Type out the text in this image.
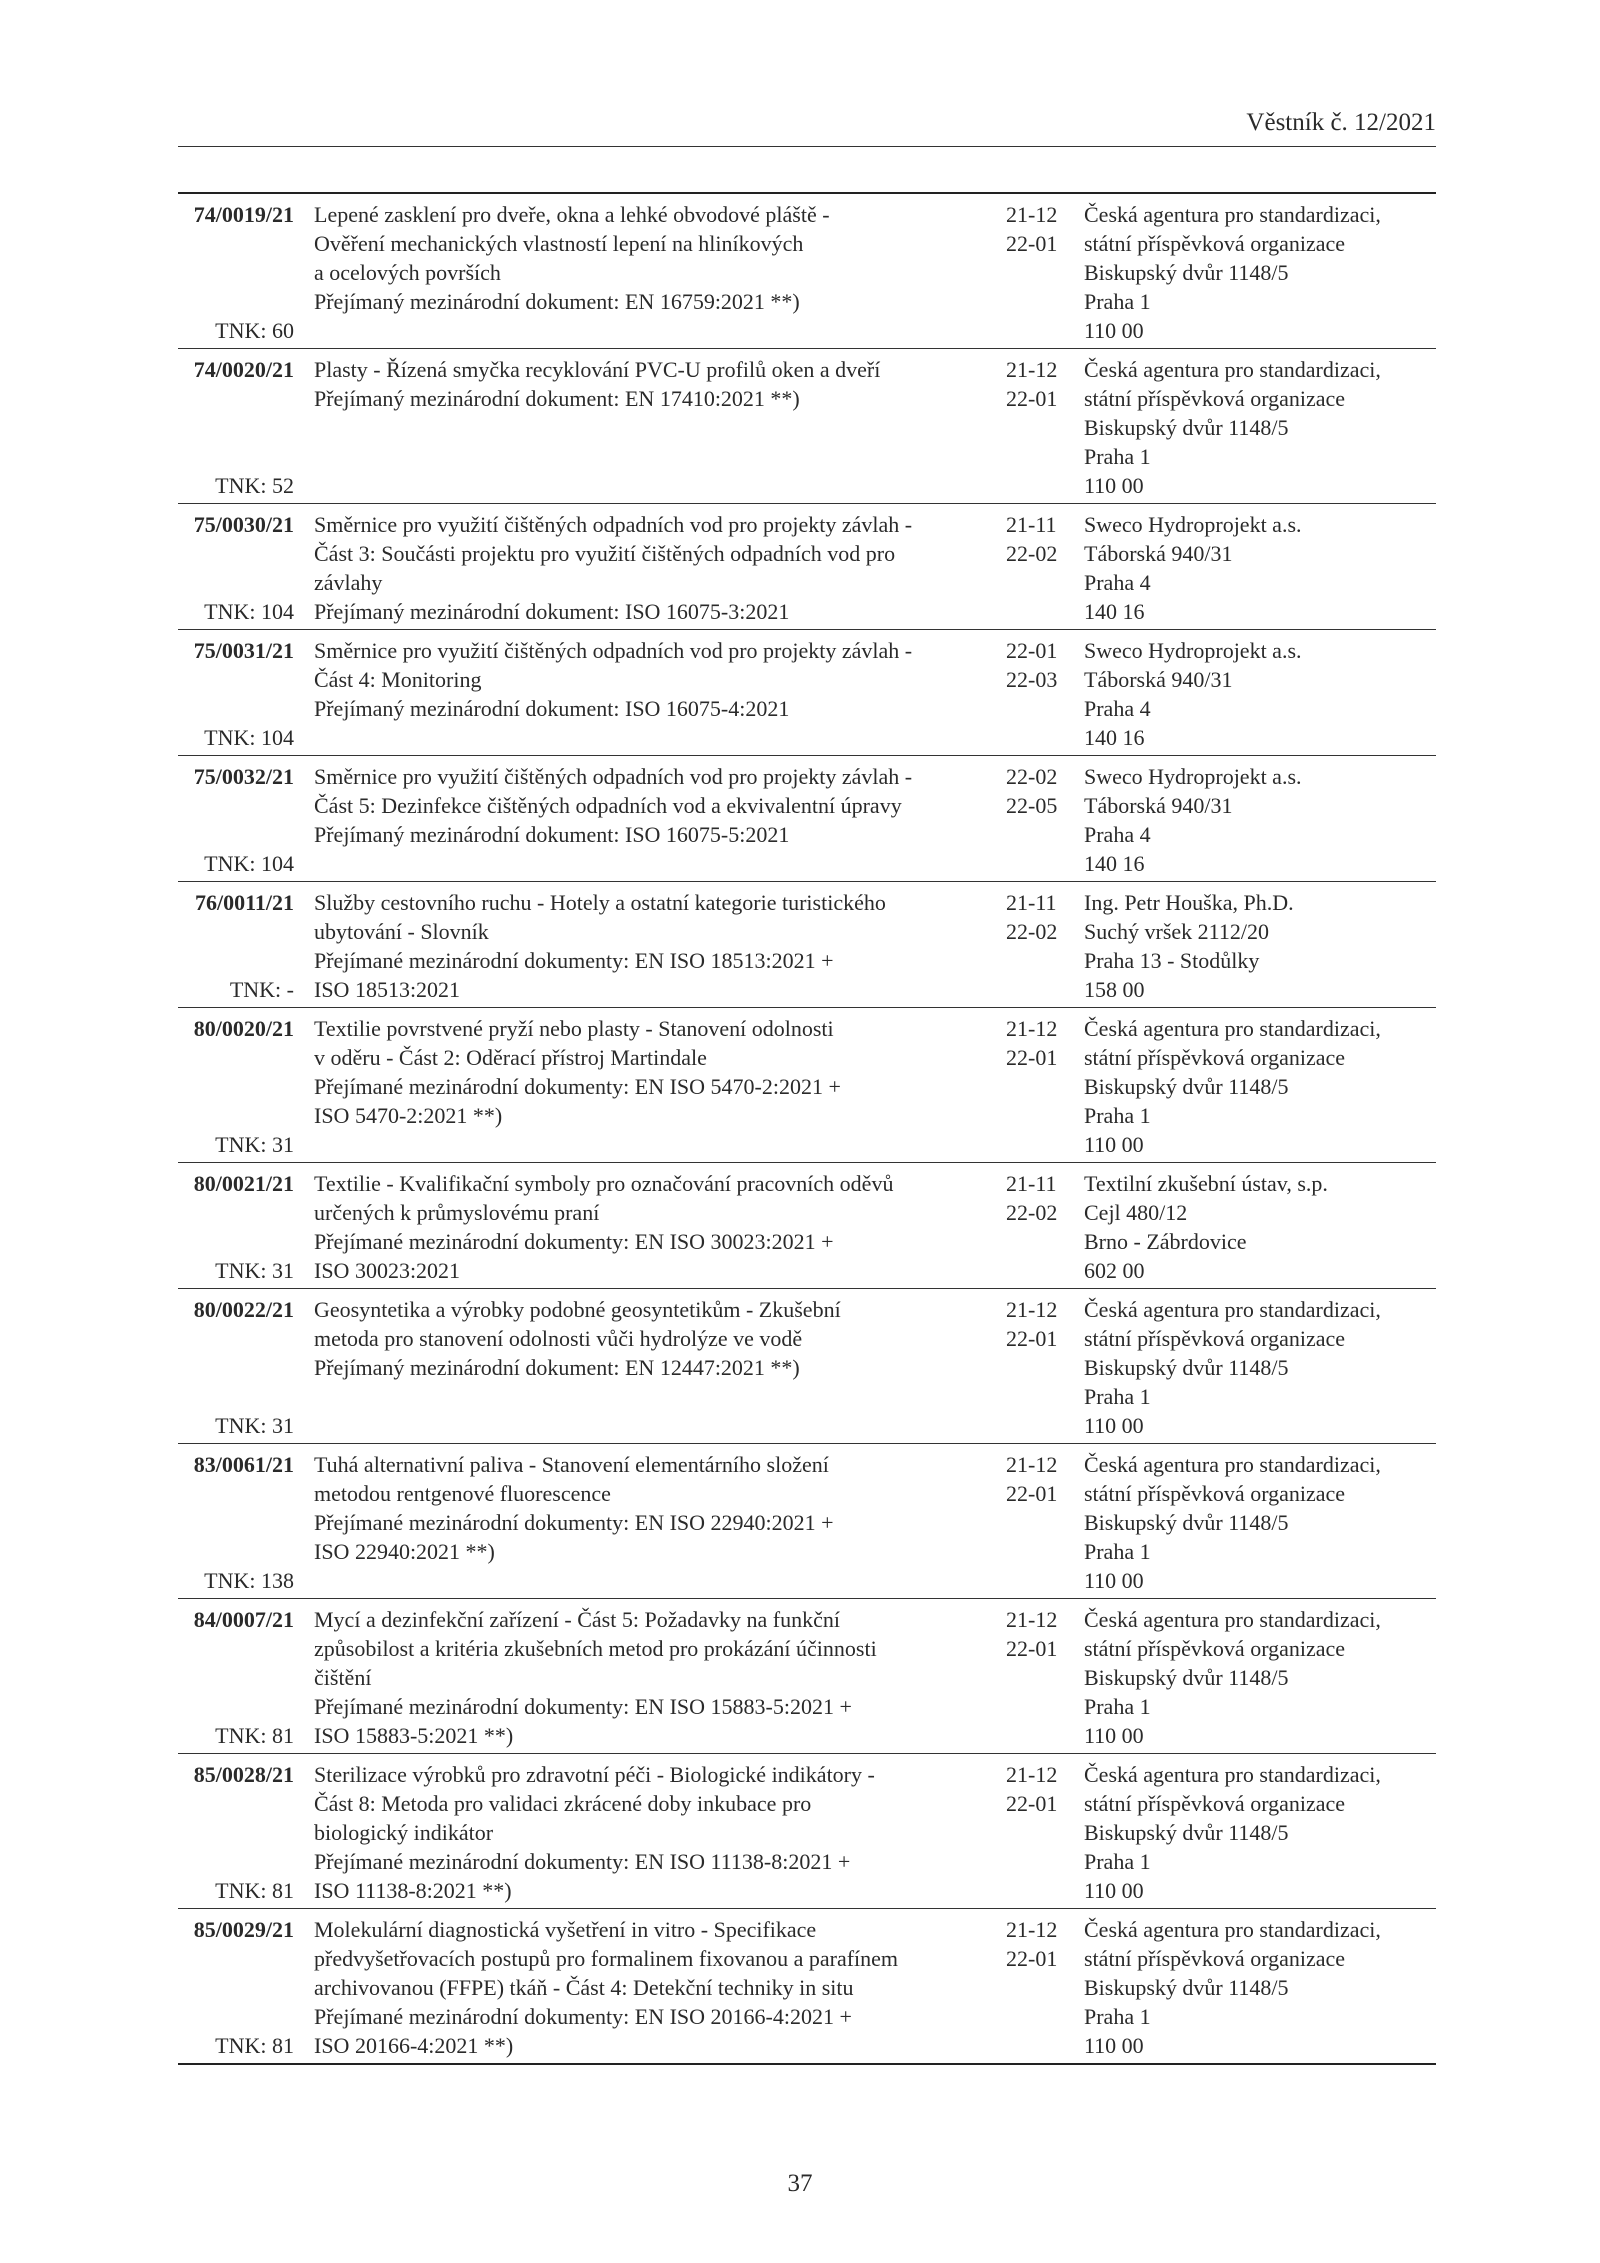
Věstník č. 12/2021
74/0019/21
TNK: 60
Lepené zasklení pro dveře, okna a lehké obvodové pláště -
Ověření mechanických vlastností lepení na hliníkových
a ocelových površích
Přejímaný mezinárodní dokument: EN 16759:2021 **)
21-12
22-01
Česká agentura pro standardizaci,
státní příspěvková organizace
Biskupský dvůr 1148/5
Praha 1
110 00
74/0020/21
TNK: 52
Plasty - Řízená smyčka recyklování PVC-U profilů oken a dveří
Přejímaný mezinárodní dokument: EN 17410:2021 **)
21-12
22-01
Česká agentura pro standardizaci,
státní příspěvková organizace
Biskupský dvůr 1148/5
Praha 1
110 00
75/0030/21
TNK: 104
Směrnice pro využití čištěných odpadních vod pro projekty závlah -
Část 3: Součásti projektu pro využití čištěných odpadních vod pro
závlahy
Přejímaný mezinárodní dokument: ISO 16075-3:2021
21-11
22-02
Sweco Hydroprojekt a.s.
Táborská 940/31
Praha 4
140 16
75/0031/21
TNK: 104
Směrnice pro využití čištěných odpadních vod pro projekty závlah -
Část 4: Monitoring
Přejímaný mezinárodní dokument: ISO 16075-4:2021
22-01
22-03
Sweco Hydroprojekt a.s.
Táborská 940/31
Praha 4
140 16
75/0032/21
TNK: 104
Směrnice pro využití čištěných odpadních vod pro projekty závlah -
Část 5: Dezinfekce čištěných odpadních vod a ekvivalentní úpravy
Přejímaný mezinárodní dokument: ISO 16075-5:2021
22-02
22-05
Sweco Hydroprojekt a.s.
Táborská 940/31
Praha 4
140 16
76/0011/21
TNK: -
Služby cestovního ruchu - Hotely a ostatní kategorie turistického
ubytování - Slovník
Přejímané mezinárodní dokumenty: EN ISO 18513:2021 +
ISO 18513:2021
21-11
22-02
Ing. Petr Houška, Ph.D.
Suchý vršek 2112/20
Praha 13 - Stodůlky
158 00
80/0020/21
TNK: 31
Textilie povrstvené pryží nebo plasty - Stanovení odolnosti
v oděru - Část 2: Oděrací přístroj Martindale
Přejímané mezinárodní dokumenty: EN ISO 5470-2:2021 +
ISO 5470-2:2021 **)
21-12
22-01
Česká agentura pro standardizaci,
státní příspěvková organizace
Biskupský dvůr 1148/5
Praha 1
110 00
80/0021/21
TNK: 31
Textilie - Kvalifikační symboly pro označování pracovních oděvů
určených k průmyslovému praní
Přejímané mezinárodní dokumenty: EN ISO 30023:2021 +
ISO 30023:2021
21-11
22-02
Textilní zkušební ústav, s.p.
Cejl 480/12
Brno - Zábrdovice
602 00
80/0022/21
TNK: 31
Geosyntetika a výrobky podobné geosyntetikům - Zkušební
metoda pro stanovení odolnosti vůči hydrolýze ve vodě
Přejímaný mezinárodní dokument: EN 12447:2021 **)
21-12
22-01
Česká agentura pro standardizaci,
státní příspěvková organizace
Biskupský dvůr 1148/5
Praha 1
110 00
83/0061/21
TNK: 138
Tuhá alternativní paliva - Stanovení elementárního složení
metodou rentgenové fluorescence
Přejímané mezinárodní dokumenty: EN ISO 22940:2021 +
ISO 22940:2021 **)
21-12
22-01
Česká agentura pro standardizaci,
státní příspěvková organizace
Biskupský dvůr 1148/5
Praha 1
110 00
84/0007/21
TNK: 81
Mycí a dezinfekční zařízení - Část 5: Požadavky na funkční
způsobilost a kritéria zkušebních metod pro prokázání účinnosti
čištění
Přejímané mezinárodní dokumenty: EN ISO 15883-5:2021 +
ISO 15883-5:2021 **)
21-12
22-01
Česká agentura pro standardizaci,
státní příspěvková organizace
Biskupský dvůr 1148/5
Praha 1
110 00
85/0028/21
TNK: 81
Sterilizace výrobků pro zdravotní péči - Biologické indikátory -
Část 8: Metoda pro validaci zkrácené doby inkubace pro
biologický indikátor
Přejímané mezinárodní dokumenty: EN ISO 11138-8:2021 +
ISO 11138-8:2021 **)
21-12
22-01
Česká agentura pro standardizaci,
státní příspěvková organizace
Biskupský dvůr 1148/5
Praha 1
110 00
85/0029/21
TNK: 81
Molekulární diagnostická vyšetření in vitro - Specifikace
předvyšetřovacích postupů pro formalinem fixovanou a parafínem
archivovanou (FFPE) tkáň - Část 4: Detekční techniky in situ
Přejímané mezinárodní dokumenty: EN ISO 20166-4:2021 +
ISO 20166-4:2021 **)
21-12
22-01
Česká agentura pro standardizaci,
státní příspěvková organizace
Biskupský dvůr 1148/5
Praha 1
110 00
37
